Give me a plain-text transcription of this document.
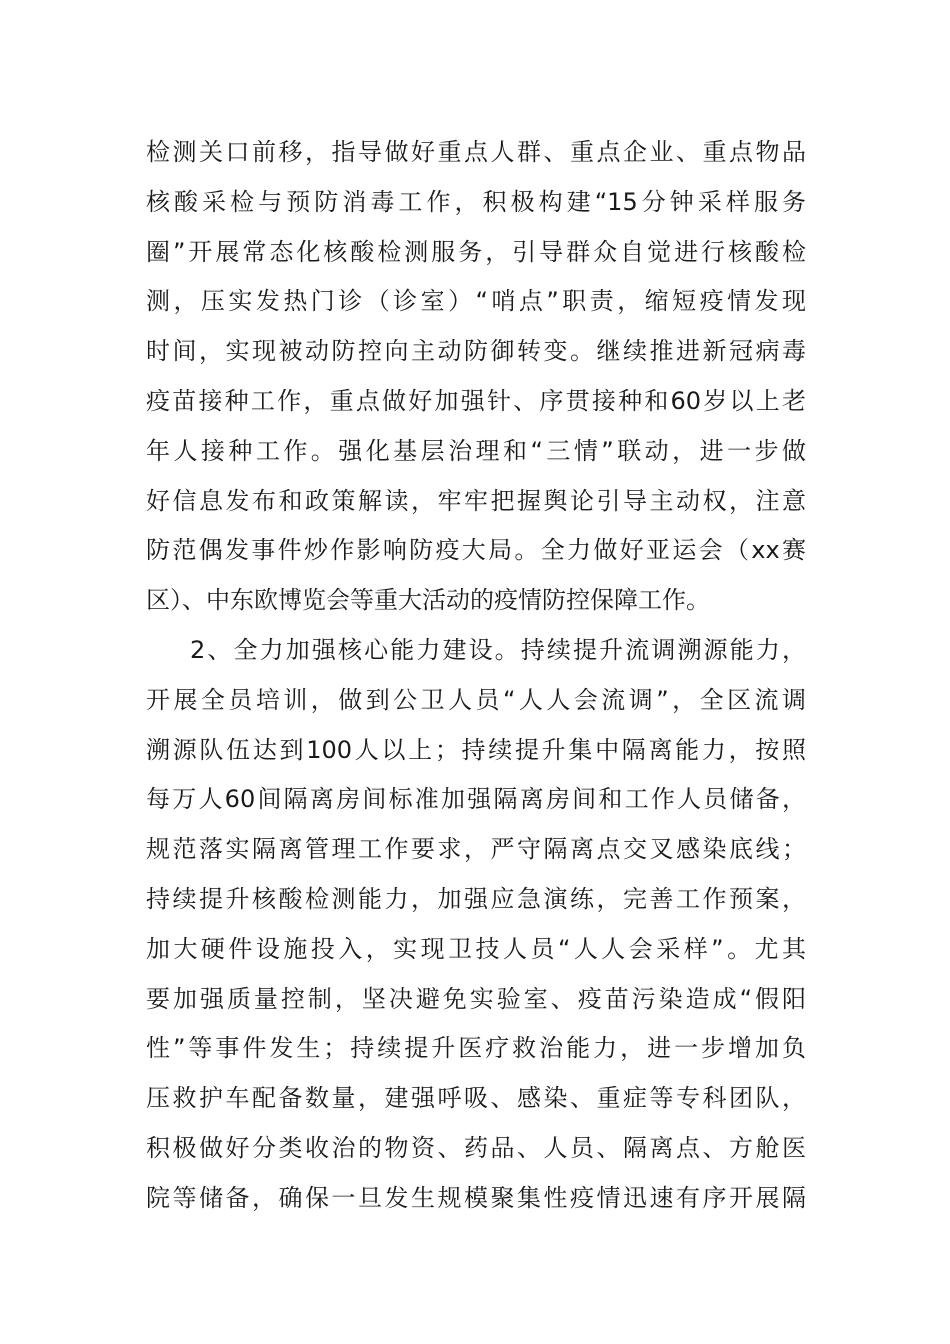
检测关口前移，指导做好重点人群、重点企业、重点物品
核酸采检与预防消毒工作，积极构建“15分钟采样服务
圈”开展常态化核酸检测服务，引导群众自觉进行核酸检
测，压实发热门诊（诊室）“哨点”职责，缩短疫情发现
时间，实现被动防控向主动防御转变。继续推进新冠病毒
疫苗接种工作，重点做好加强针、序贯接种和60岁以上老
年人接种工作。强化基层治理和“三情”联动，进一步做
好信息发布和政策解读，牢牢把握舆论引导主动权，注意
防范偶发事件炒作影响防疫大局。全力做好亚运会（xx赛
区）、中东欧博览会等重大活动的疫情防控保障工作。
2、全力加强核心能力建设。持续提升流调溯源能力，
开展全员培训，做到公卫人员“人人会流调”，全区流调
溯源队伍达到100人以上；持续提升集中隔离能力，按照
每万人60间隔离房间标准加强隔离房间和工作人员储备，
规范落实隔离管理工作要求，严守隔离点交叉感染底线；
持续提升核酸检测能力，加强应急演练，完善工作预案，
加大硬件设施投入，实现卫技人员“人人会采样”。尤其
要加强质量控制，坚决避免实验室、疫苗污染造成“假阳
性”等事件发生；持续提升医疗救治能力，进一步增加负
压救护车配备数量，建强呼吸、感染、重症等专科团队，
积极做好分类收治的物资、药品、人员、隔离点、方舱医
院等储备，确保一旦发生规模聚集性疫情迅速有序开展隔
